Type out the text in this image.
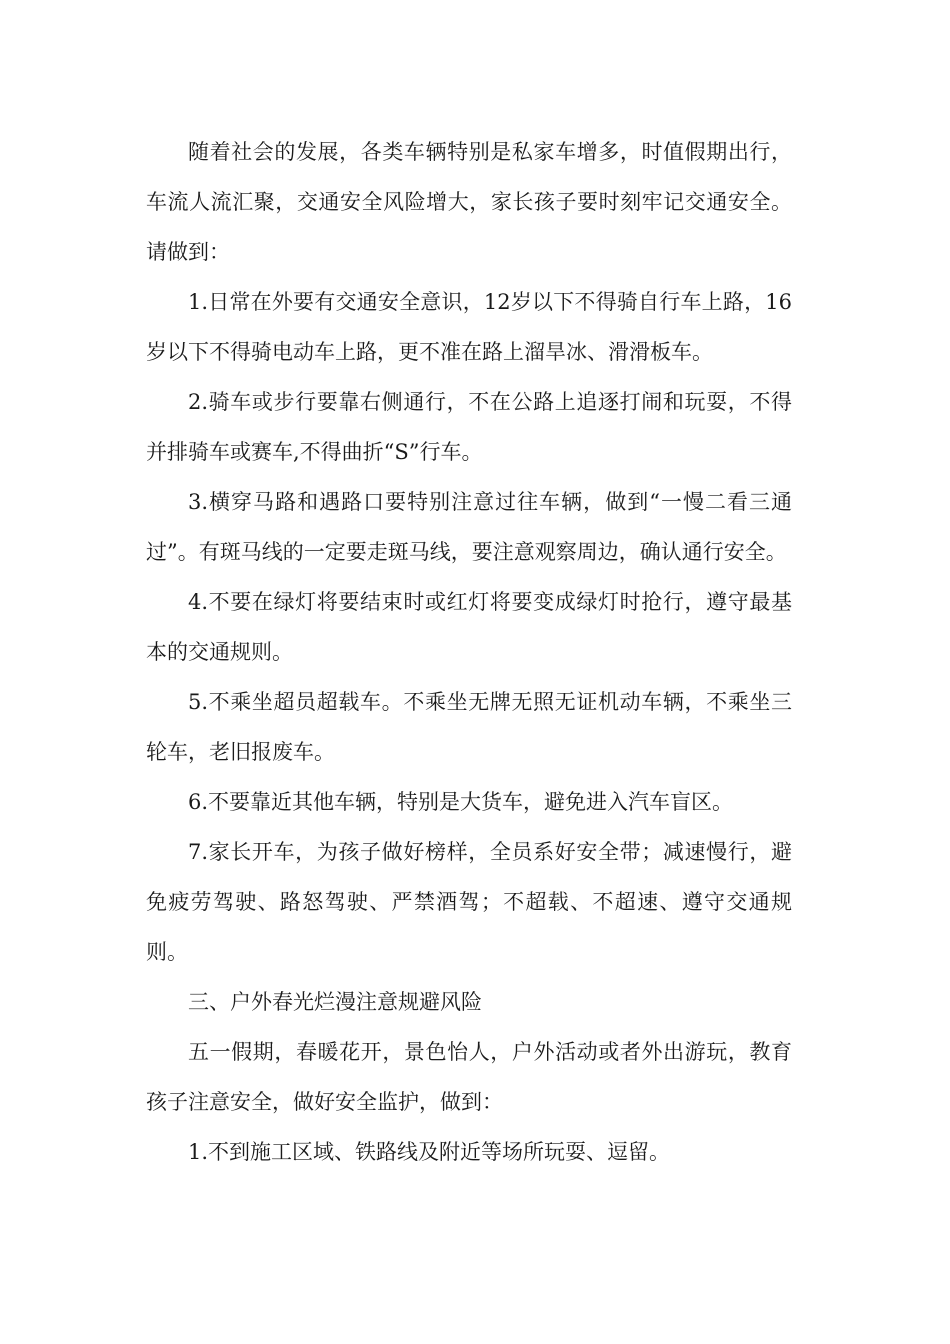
随着社会的发展，各类车辆特别是私家车增多，时值假期出行，车流人流汇聚，交通安全风险增大，家长孩子要时刻牢记交通安全。请做到：

1.日常在外要有交通安全意识，12岁以下不得骑自行车上路，16岁以下不得骑电动车上路，更不准在路上溜旱冰、滑滑板车。

2.骑车或步行要靠右侧通行，不在公路上追逐打闹和玩耍，不得并排骑车或赛车,不得曲折“S”行车。

3.横穿马路和遇路口要特别注意过往车辆，做到“一慢二看三通过”。有斑马线的一定要走斑马线，要注意观察周边，确认通行安全。

4.不要在绿灯将要结束时或红灯将要变成绿灯时抢行，遵守最基本的交通规则。

5.不乘坐超员超载车。不乘坐无牌无照无证机动车辆，不乘坐三轮车，老旧报废车。

6.不要靠近其他车辆，特别是大货车，避免进入汽车盲区。

7.家长开车，为孩子做好榜样，全员系好安全带；减速慢行，避免疲劳驾驶、路怒驾驶、严禁酒驾；不超载、不超速、遵守交通规则。

三、户外春光烂漫注意规避风险

五一假期，春暖花开，景色怡人，户外活动或者外出游玩，教育孩子注意安全，做好安全监护，做到：

1.不到施工区域、铁路线及附近等场所玩耍、逗留。
